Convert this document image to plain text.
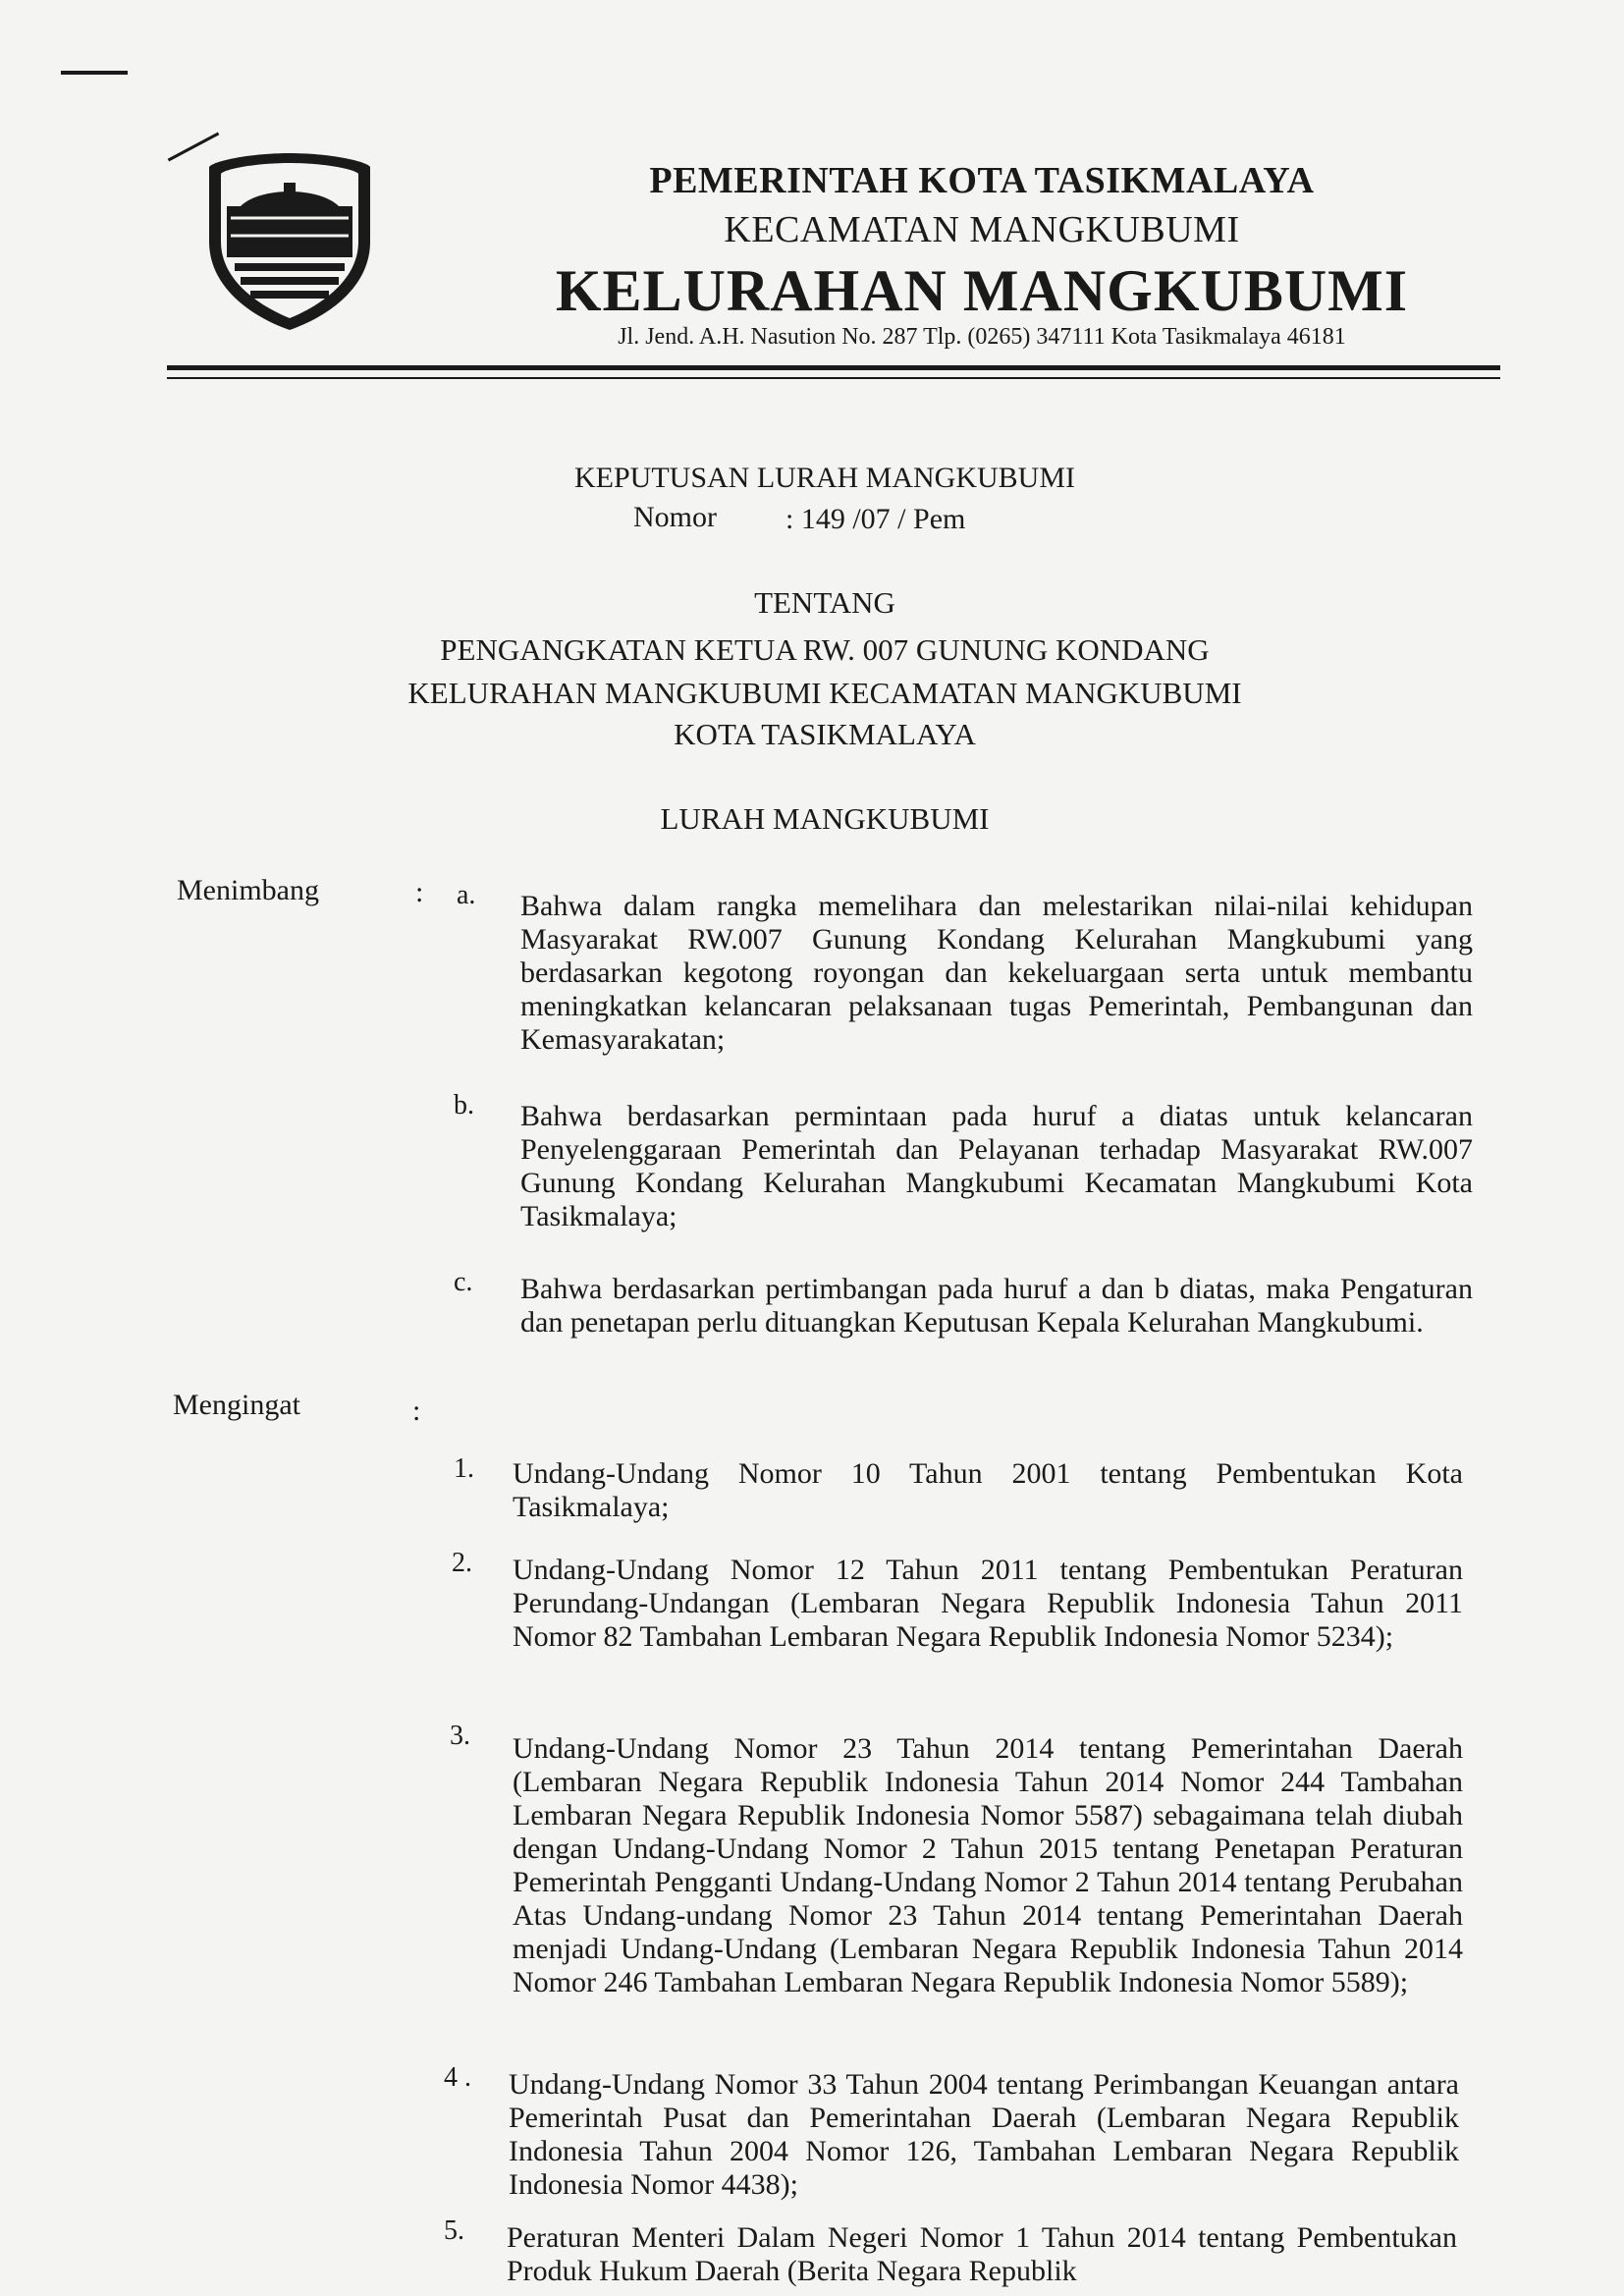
PEMERINTAH KOTA TASIKMALAYA
KECAMATAN MANGKUBUMI
KELURAHAN MANGKUBUMI
Jl. Jend. A.H. Nasution No. 287 Tlp. (0265) 347111 Kota Tasikmalaya 46181
KEPUTUSAN LURAH MANGKUBUMI
Nomor : 149 /07 / Pem
TENTANG
PENGANGKATAN KETUA RW. 007 GUNUNG KONDANG
KELURAHAN MANGKUBUMI KECAMATAN MANGKUBUMI
KOTA TASIKMALAYA
LURAH MANGKUBUMI
Menimbang	: a. Bahwa dalam rangka memelihara dan melestarikan nilai-nilai kehidupan Masyarakat RW.007 Gunung Kondang Kelurahan Mangkubumi yang berdasarkan kegotong royongan dan kekeluargaan serta untuk membantu meningkatkan kelancaran pelaksanaan tugas Pemerintah, Pembangunan dan Kemasyarakatan;
b. Bahwa berdasarkan permintaan pada huruf a diatas untuk kelancaran Penyelenggaraan Pemerintah dan Pelayanan terhadap Masyarakat RW.007 Gunung Kondang Kelurahan Mangkubumi Kecamatan Mangkubumi Kota Tasikmalaya;
c. Bahwa berdasarkan pertimbangan pada huruf a dan b diatas, maka Pengaturan dan penetapan perlu dituangkan Keputusan Kepala Kelurahan Mangkubumi.
Mengingat	:
1. Undang-Undang Nomor 10 Tahun 2001 tentang Pembentukan Kota Tasikmalaya;
2. Undang-Undang Nomor 12 Tahun 2011 tentang Pembentukan Peraturan Perundang-Undangan (Lembaran Negara Republik Indonesia Tahun 2011 Nomor 82 Tambahan Lembaran Negara Republik Indonesia Nomor 5234);
3. Undang-Undang Nomor 23 Tahun 2014 tentang Pemerintahan Daerah (Lembaran Negara Republik Indonesia Tahun 2014 Nomor 244 Tambahan Lembaran Negara Republik Indonesia Nomor 5587) sebagaimana telah diubah dengan Undang-Undang Nomor 2 Tahun 2015 tentang Penetapan Peraturan Pemerintah Pengganti Undang-Undang Nomor 2 Tahun 2014 tentang Perubahan Atas Undang-undang Nomor 23 Tahun 2014 tentang Pemerintahan Daerah menjadi Undang-Undang (Lembaran Negara Republik Indonesia Tahun 2014 Nomor 246 Tambahan Lembaran Negara Republik Indonesia Nomor 5589);
4 . Undang-Undang Nomor 33 Tahun 2004 tentang Perimbangan Keuangan antara Pemerintah Pusat dan Pemerintahan Daerah (Lembaran Negara Republik Indonesia Tahun 2004 Nomor 126, Tambahan Lembaran Negara Republik Indonesia Nomor 4438);
5. Peraturan Menteri Dalam Negeri Nomor 1 Tahun 2014 tentang Pembentukan Produk Hukum Daerah (Berita Negara Republik
